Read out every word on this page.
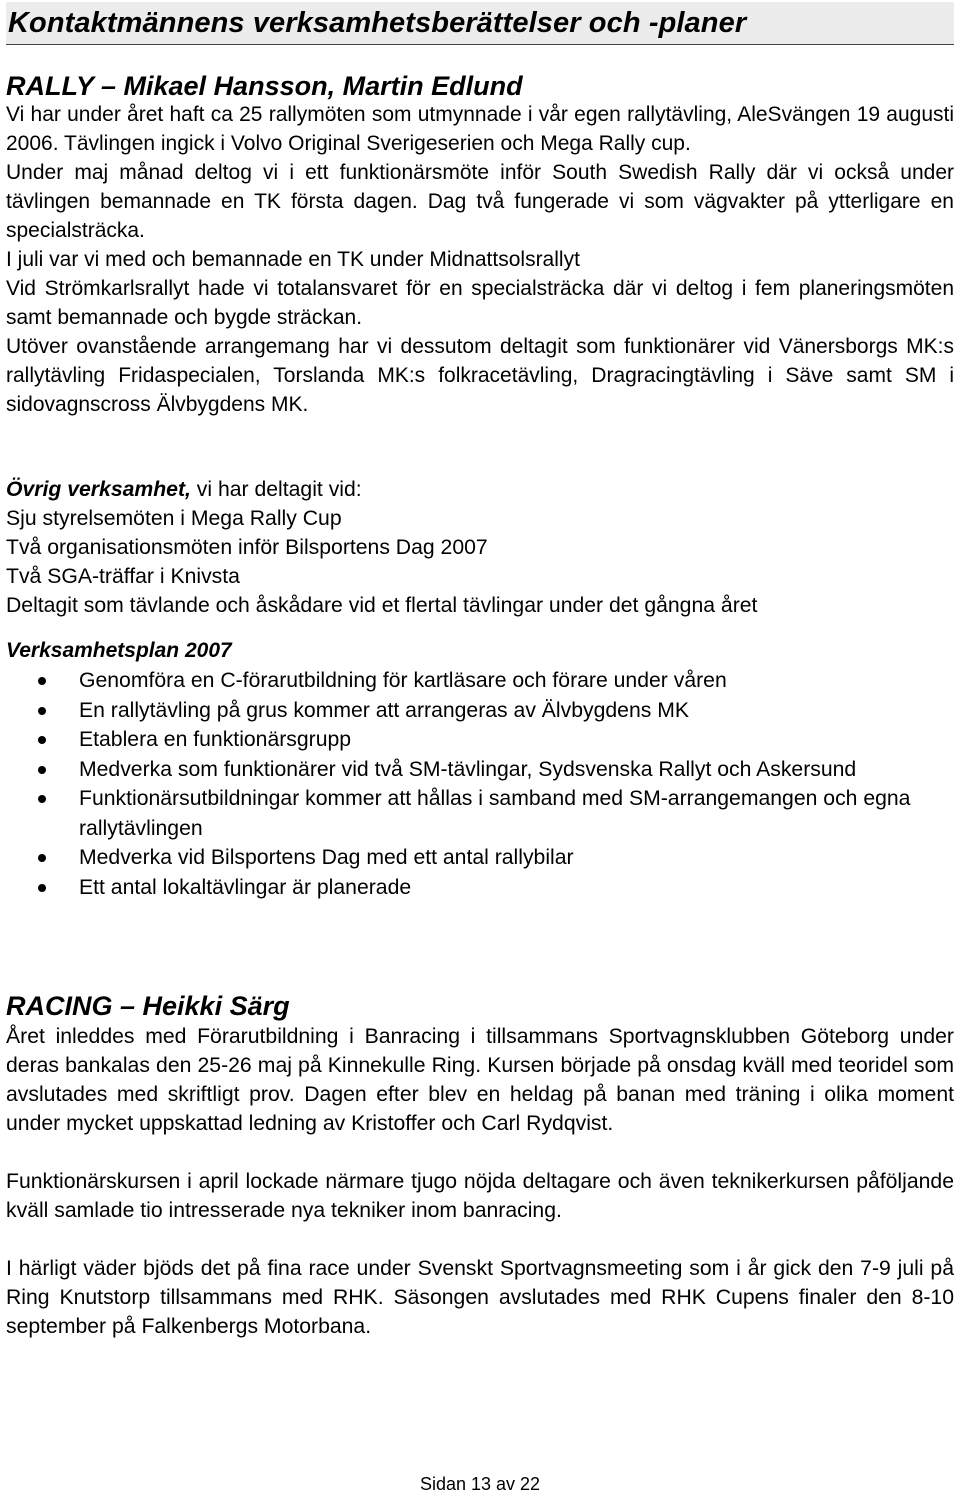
Kontaktmännens verksamhetsberättelser och -planer
RALLY – Mikael Hansson, Martin Edlund

Vi har under året haft ca 25 rallymöten som utmynnade i vår egen rallytävling, AleSvängen 19 augusti 2006. Tävlingen ingick i Volvo Original Sverigeserien och Mega Rally cup.

Under maj månad deltog vi i ett funktionärsmöte inför South Swedish Rally där vi också under tävlingen bemannade en TK första dagen. Dag två fungerade vi som vägvakter på ytterligare en specialsträcka.

I juli var vi med och bemannade en TK under Midnattsolsrallyt

Vid Strömkarlsrallyt hade vi totalansvaret för en specialsträcka där vi deltog i fem planeringsmöten samt bemannade och bygde sträckan.

Utöver ovanstående arrangemang har vi dessutom deltagit som funktionärer vid Vänersborgs MK:s rallytävling Fridaspecialen, Torslanda MK:s folkracetävling, Dragracingtävling i Säve samt SM i sidovagnscross Älvbygdens MK.

Övrig verksamhet, vi har deltagit vid:

Sju styrelsemöten i Mega Rally Cup

Två organisationsmöten inför Bilsportens Dag 2007

Två SGA-träffar i Knivsta

Deltagit som tävlande och åskådare vid et flertal tävlingar under det gångna året

Verksamhetsplan 2007
Genomföra en C-förarutbildning för kartläsare och förare under våren
En rallytävling på grus kommer att arrangeras av Älvbygdens MK
Etablera en funktionärsgrupp
Medverka som funktionärer vid två SM-tävlingar, Sydsvenska Rallyt och Askersund
Funktionärsutbildningar kommer att hållas i samband med SM-arrangemangen och egna rallytävlingen
Medverka vid Bilsportens Dag med ett antal rallybilar
Ett antal lokaltävlingar är planerade
RACING – Heikki Särg

Året inleddes med Förarutbildning i Banracing i tillsammans Sportvagnsklubben Göteborg under deras bankalas den 25-26 maj på Kinnekulle Ring. Kursen började på onsdag kväll med teoridel som avslutades med skriftligt prov. Dagen efter blev en heldag på banan med träning i olika moment under mycket uppskattad ledning av Kristoffer och Carl Rydqvist.

Funktionärskursen i april lockade närmare tjugo nöjda deltagare och även teknikerkursen påföljande kväll samlade tio intresserade nya tekniker inom banracing.

I härligt väder bjöds det på fina race under Svenskt Sportvagnsmeeting som i år gick den 7-9 juli på Ring Knutstorp tillsammans med RHK. Säsongen avslutades med RHK Cupens finaler den 8-10 september på Falkenbergs Motorbana.

Sidan 13 av 22
